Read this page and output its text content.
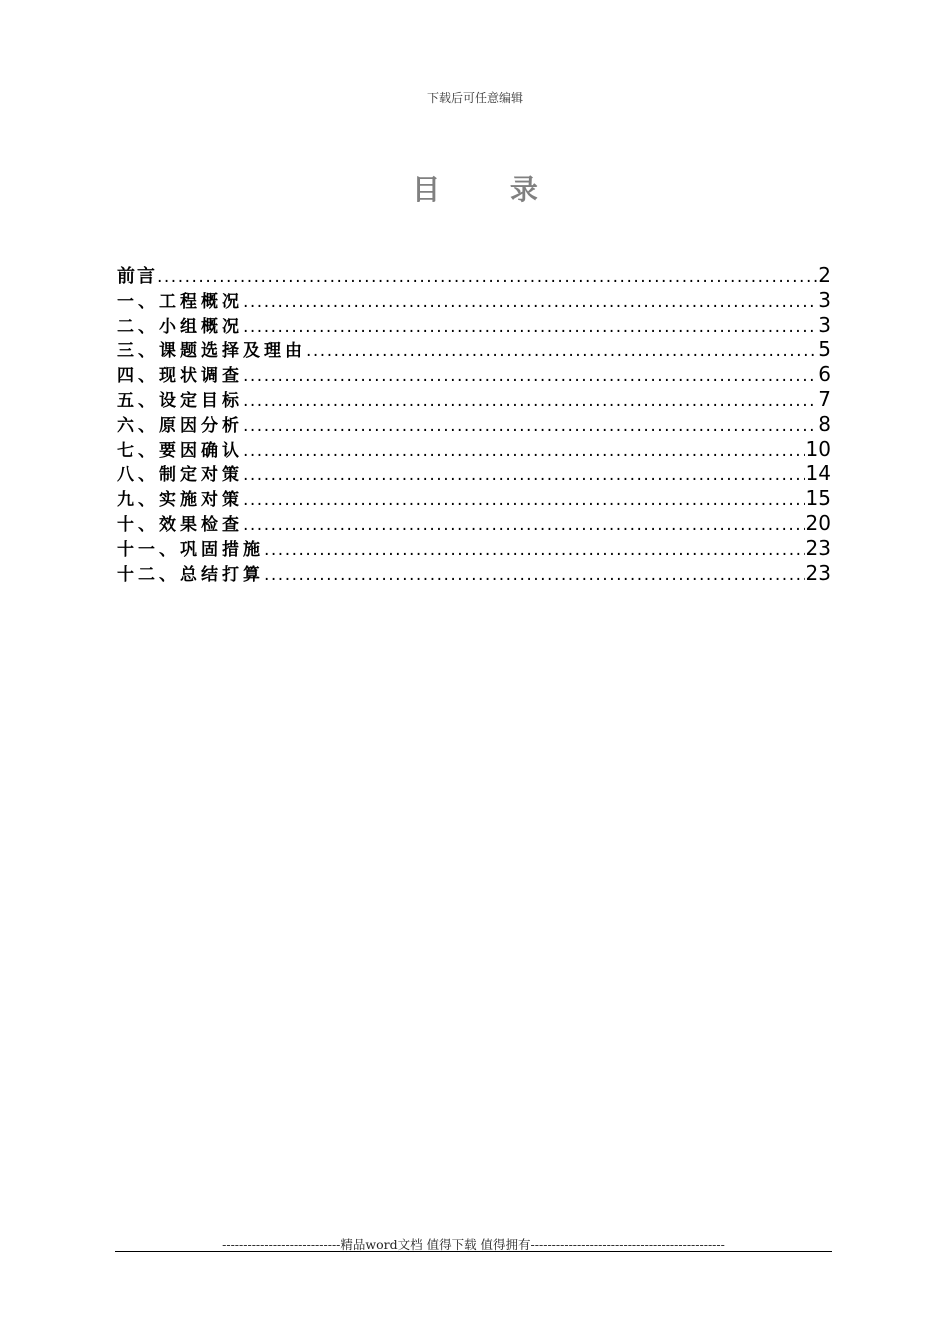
下载后可任意编辑
目 录
前言 .....	2
一、工程概况 .....	3
二、小组概况 .....	3
三、课题选择及理由 .....	5
四、现状调查 .....	6
五、设定目标 .....	7
六、原因分析 .....	8
七、要因确认 .....	10
八、制定对策 .....	14
九、实施对策 .....	15
十、效果检查 .....	20
十一、巩固措施 .....	23
十二、总结打算 .....	23
----------------------------精品word文档 值得下载 值得拥有----------------------------------------------
